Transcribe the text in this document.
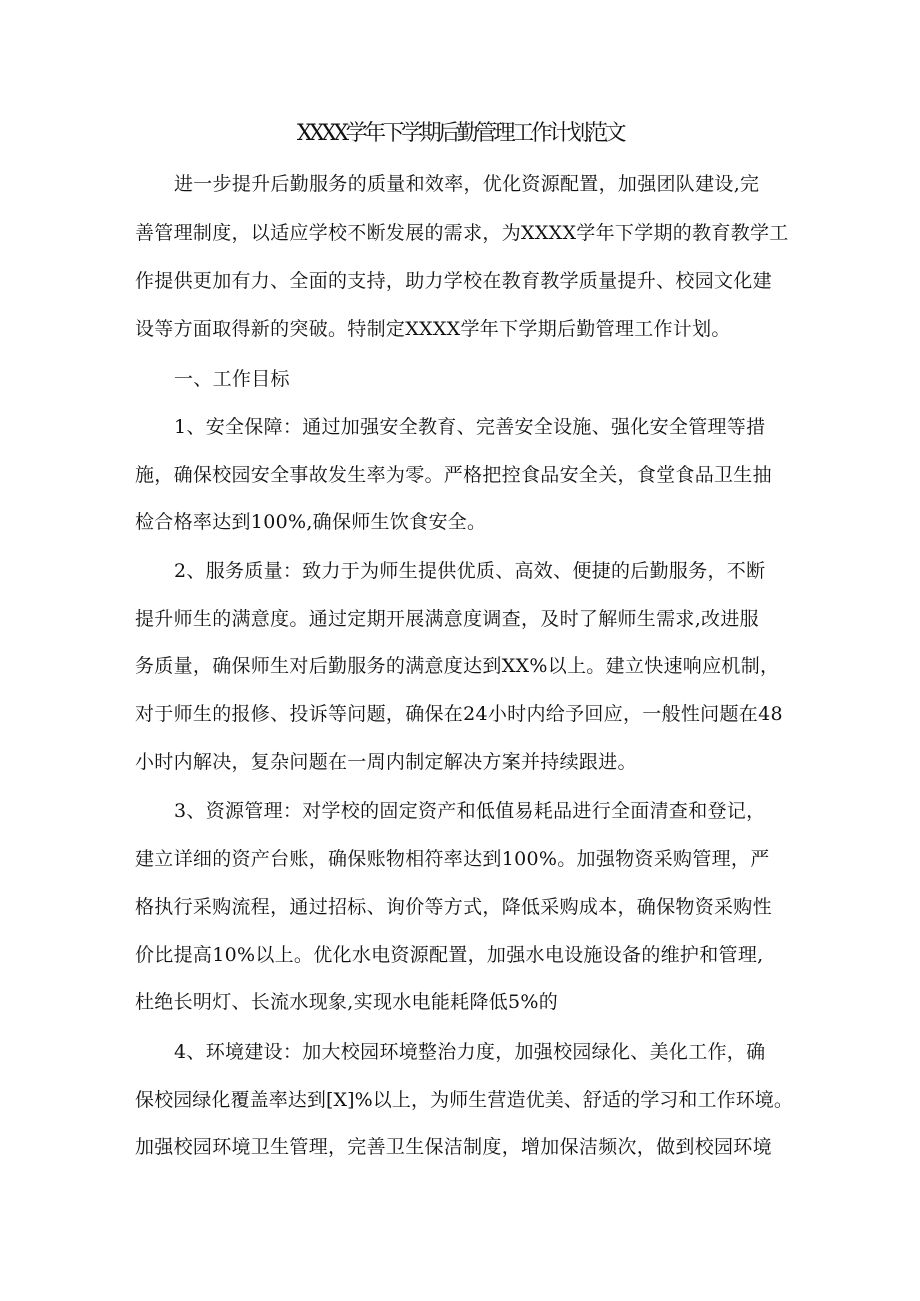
XXXX学年下学期后勤管理工作计划范文
进一步提升后勤服务的质量和效率，优化资源配置，加强团队建设,完
善管理制度，以适应学校不断发展的需求，为XXXX学年下学期的教育教学工
作提供更加有力、全面的支持，助力学校在教育教学质量提升、校园文化建
设等方面取得新的突破。特制定XXXX学年下学期后勤管理工作计划。
一、工作目标
1、安全保障：通过加强安全教育、完善安全设施、强化安全管理等措
施，确保校园安全事故发生率为零。严格把控食品安全关，食堂食品卫生抽
检合格率达到100%,确保师生饮食安全。
2、服务质量：致力于为师生提供优质、高效、便捷的后勤服务，不断
提升师生的满意度。通过定期开展满意度调查，及时了解师生需求,改进服
务质量，确保师生对后勤服务的满意度达到XX%以上。建立快速响应机制，
对于师生的报修、投诉等问题，确保在24小时内给予回应，一般性问题在48
小时内解决，复杂问题在一周内制定解决方案并持续跟进。
3、资源管理：对学校的固定资产和低值易耗品进行全面清查和登记，
建立详细的资产台账，确保账物相符率达到100%。加强物资采购管理，严
格执行采购流程，通过招标、询价等方式，降低采购成本，确保物资采购性
价比提高10%以上。优化水电资源配置，加强水电设施设备的维护和管理,
杜绝长明灯、长流水现象,实现水电能耗降低5%的
4、环境建设：加大校园环境整治力度，加强校园绿化、美化工作，确
保校园绿化覆盖率达到[X]%以上，为师生营造优美、舒适的学习和工作环境。
加强校园环境卫生管理，完善卫生保洁制度，增加保洁频次，做到校园环境
